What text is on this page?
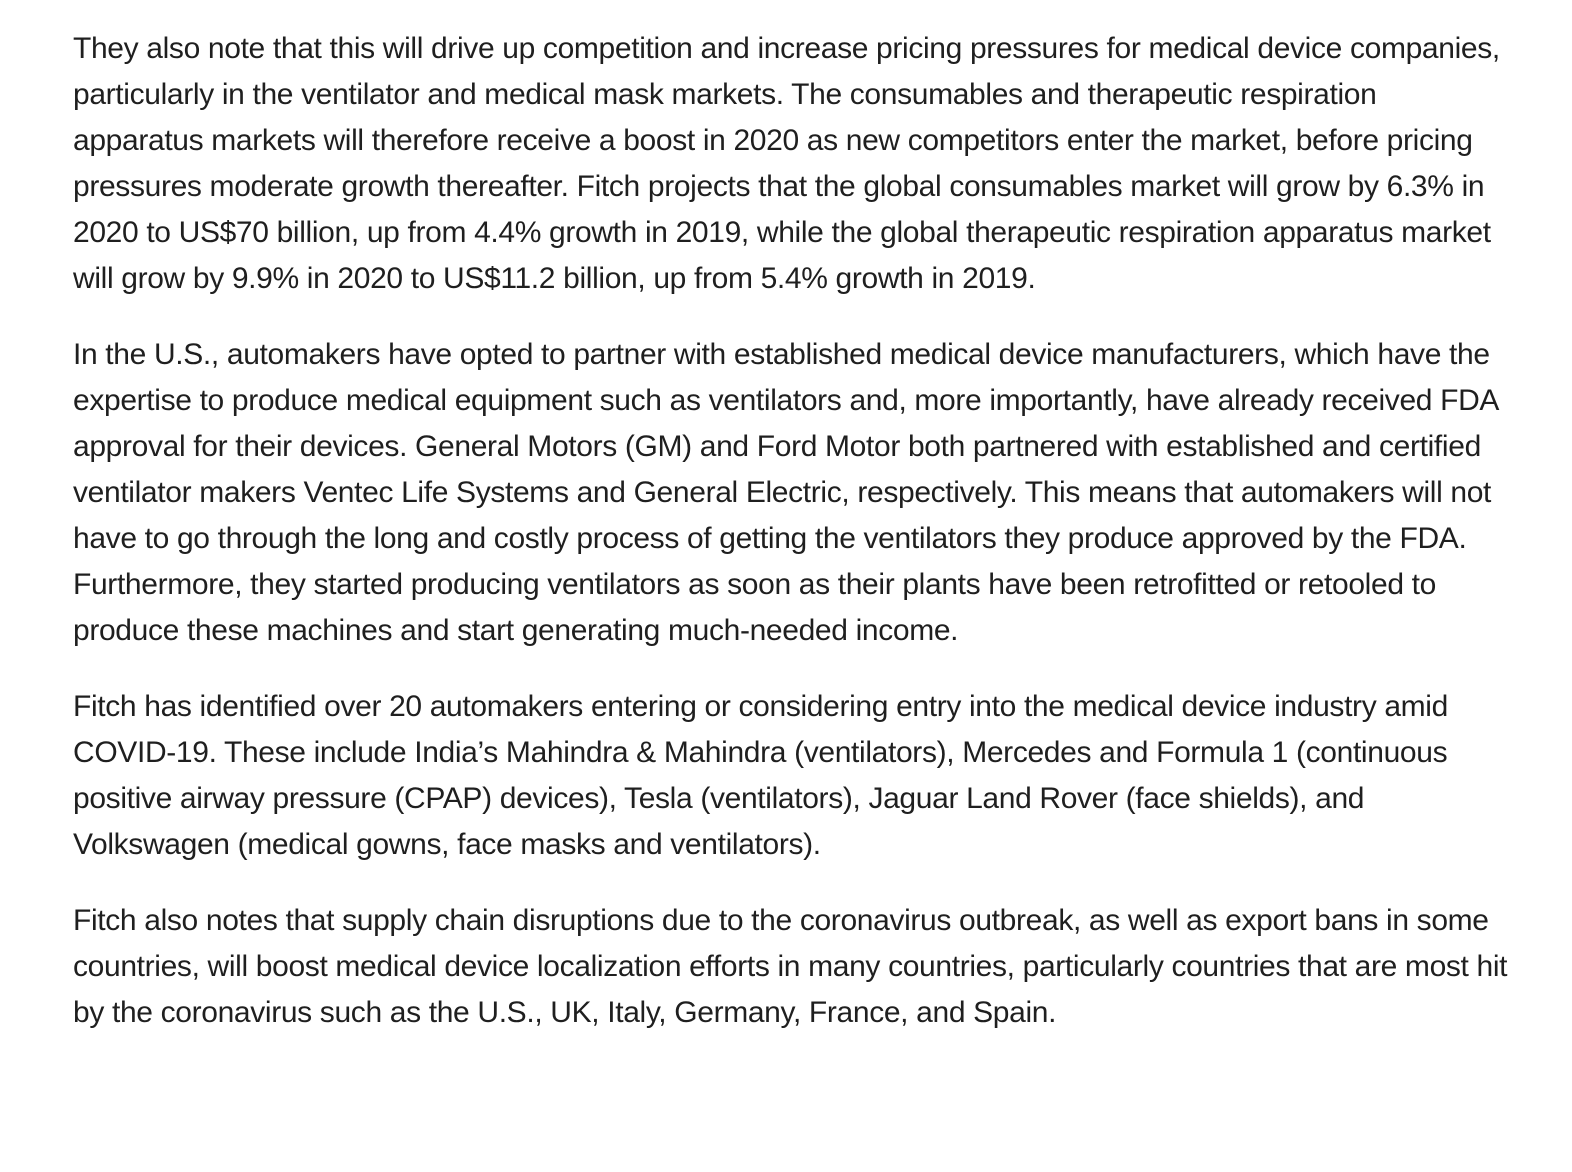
They also note that this will drive up competition and increase pricing pressures for medical device companies, particularly in the ventilator and medical mask markets. The consumables and therapeutic respiration apparatus markets will therefore receive a boost in 2020 as new competitors enter the market, before pricing pressures moderate growth thereafter. Fitch projects that the global consumables market will grow by 6.3% in 2020 to US$70 billion, up from 4.4% growth in 2019, while the global therapeutic respiration apparatus market will grow by 9.9% in 2020 to US$11.2 billion, up from 5.4% growth in 2019.

In the U.S., automakers have opted to partner with established medical device manufacturers, which have the expertise to produce medical equipment such as ventilators and, more importantly, have already received FDA approval for their devices. General Motors (GM) and Ford Motor both partnered with established and certified ventilator makers Ventec Life Systems and General Electric, respectively. This means that automakers will not have to go through the long and costly process of getting the ventilators they produce approved by the FDA. Furthermore, they started producing ventilators as soon as their plants have been retrofitted or retooled to produce these machines and start generating much-needed income.

Fitch has identified over 20 automakers entering or considering entry into the medical device industry amid COVID-19. These include India’s Mahindra & Mahindra (ventilators), Mercedes and Formula 1 (continuous positive airway pressure (CPAP) devices), Tesla (ventilators), Jaguar Land Rover (face shields), and Volkswagen (medical gowns, face masks and ventilators).

Fitch also notes that supply chain disruptions due to the coronavirus outbreak, as well as export bans in some countries, will boost medical device localization efforts in many countries, particularly countries that are most hit by the coronavirus such as the U.S., UK, Italy, Germany, France, and Spain.
